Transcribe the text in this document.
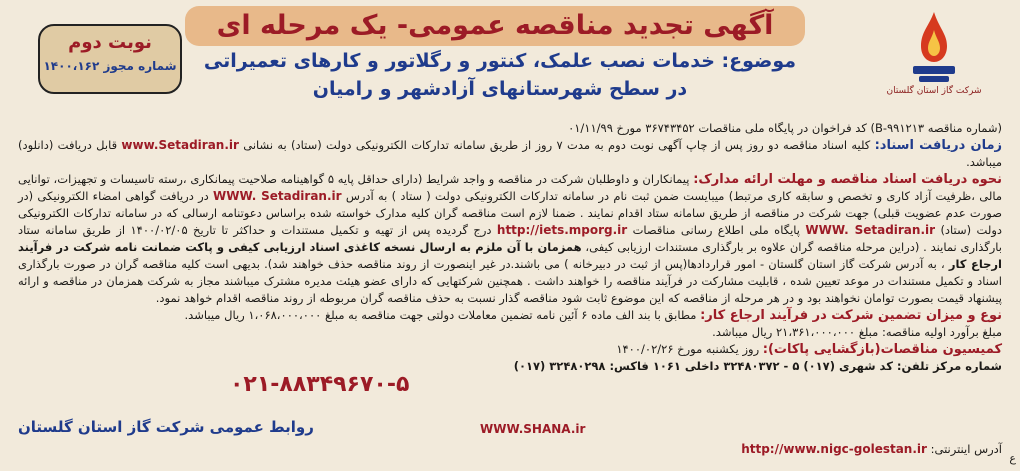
آگهی تجدید مناقصه عمومی- یک مرحله ای
موضوع: خدمات نصب علمک، کنتور و رگلاتور و کارهای تعمیراتی
در سطح شهرستانهای آزادشهر و رامیان
نوبت دوم
شماره مجوز ۱۴۰۰،۱۶۲
شرکت گاز استان گلستان

(شماره مناقصه B-۹۹۱۲۱۳) کد فراخوان در پایگاه ملی مناقصات ۳۶۷۴۳۴۵۲ مورخ ۰۱/۱۱/۹۹

زمان دریافت اسناد: کلیه اسناد مناقصه دو روز پس از چاپ آگهی نوبت دوم به مدت ۷ روز از طریق سامانه تدارکات الکترونیکی دولت (ستاد) به نشانی www.Setadiran.ir قابل دریافت (دانلود) میباشد.

نحوه دریافت اسناد مناقصه و مهلت ارائه مدارک: پیمانکاران و داوطلبان شرکت در مناقصه و واجد شرایط (دارای حداقل پایه ۵ گواهینامه صلاحیت پیمانکاری ،رسته تاسیسات و تجهیزات، توانایی مالی ،ظرفیت آزاد کاری و تخصص و سابقه کاری مرتبط) میبایست ضمن ثبت نام در سامانه تدارکات الکترونیکی دولت ( ستاد ) به آدرس WWW. Setadiran.ir در دریافت گواهی امضاء الکترونیکی (در صورت عدم عضویت قبلی) جهت شرکت در مناقصه از طریق سامانه ستاد اقدام نمایند . ضمنا لازم است مناقصه گران کلیه مدارک خواسته شده براساس دعوتنامه ارسالی که در سامانه تدارکات الکترونیکی دولت (ستاد) WWW. Setadiran.ir پایگاه ملی اطلاع رسانی مناقصات http://iets.mporg.ir درج گردیده پس از تهیه و تکمیل مستندات و حداکثر تا تاریخ ۱۴۰۰/۰۲/۰۵ از طریق سامانه ستاد بارگذاری نمایند . (دراین مرحله مناقصه گران علاوه بر بارگذاری مستندات ارزیابی کیفی، همزمان با آن ملزم به ارسال نسخه کاغذی اسناد ارزیابی کیفی و پاکت ضمانت نامه شرکت در فرآیند ارجاع کار ، به آدرس شرکت گاز استان گلستان - امور قراردادها(پس از ثبت در دبیرخانه ) می باشند.در غیر اینصورت از روند مناقصه حذف خواهند شد). بدیهی است کلیه مناقصه گران در صورت بارگذاری اسناد و تکمیل مستندات در موعد تعیین شده ، قابلیت مشارکت در فرآیند مناقصه را خواهند داشت . همچنین شرکتهایی که دارای عضو هیئت مدیره مشترک میباشند مجاز به شرکت همزمان در مناقصه و ارائه پیشنهاد قیمت بصورت توامان نخواهند بود و در هر مرحله از مناقصه که این موضوع ثابت شود مناقصه گذار نسبت به حذف مناقصه گران مربوطه از روند مناقصه اقدام خواهد نمود.

نوع و میزان تضمین شرکت در فرآیند ارجاع کار: مطابق با بند الف ماده ۶ آئین نامه تضمین معاملات دولتی جهت مناقصه به مبلغ ۱،۰۶۸،۰۰۰،۰۰۰ ریال میباشد.

مبلغ برآورد اولیه مناقصه: مبلغ ۲۱،۳۶۱،۰۰۰،۰۰۰ ریال میباشد.

کمیسیون مناقصات(بازگشایی پاکات): روز یکشنبه مورخ ۱۴۰۰/۰۲/۲۶

شماره مرکز تلفن: کد شهری (۰۱۷) ۵ - ۳۲۴۸۰۳۷۲ داخلی ۱۰۶۱ فاکس: ۳۲۴۸۰۲۹۸ (۰۱۷)

۰۲۱-۸۸۳۴۹۶۷۰-۵
روابط عمومی شرکت گاز استان گلستان	WWW.SHANA.ir
آدرس اینترنتی: http://www.nigc-golestan.ir
ع
